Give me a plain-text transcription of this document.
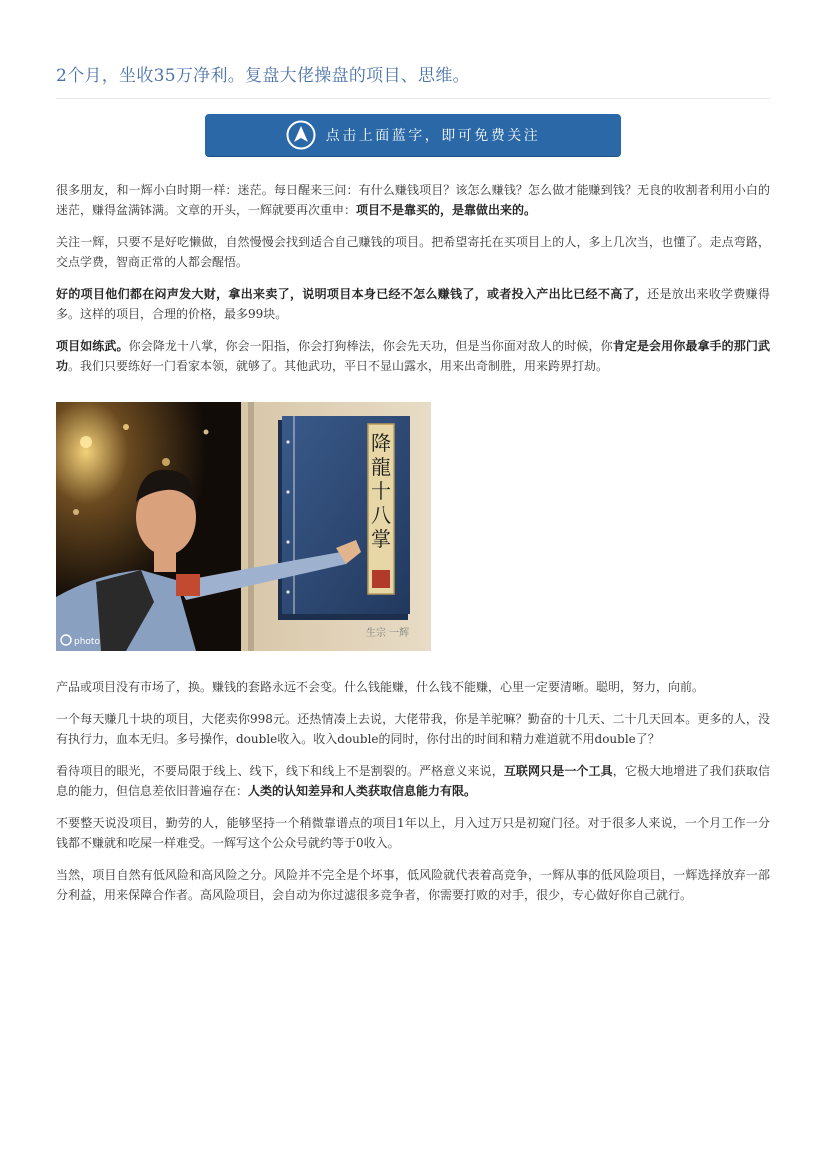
2个月，坐收35万净利。复盘大佬操盘的项目、思维。
点击上面蓝字，即可免费关注

很多朋友，和一辉小白时期一样：迷茫。每日醒来三问：有什么赚钱项目？该怎么赚钱？怎么做才能赚到钱？无良的收割者利用小白的迷茫，赚得盆满钵满。文章的开头，一辉就要再次重申：项目不是靠买的，是靠做出来的。

关注一辉，只要不是好吃懒做，自然慢慢会找到适合自己赚钱的项目。把希望寄托在买项目上的人，多上几次当，也懂了。走点弯路，交点学费，智商正常的人都会醒悟。

好的项目他们都在闷声发大财，拿出来卖了，说明项目本身已经不怎么赚钱了，或者投入产出比已经不高了，还是放出来收学费赚得多。这样的项目，合理的价格，最多99块。

项目如练武。你会降龙十八掌，你会一阳指，你会打狗棒法，你会先天功，但是当你面对敌人的时候，你肯定是会用你最拿手的那门武功。我们只要练好一门看家本领，就够了。其他武功，平日不显山露水，用来出奇制胜，用来跨界打劫。

降龍十八掌
photo
生宗 一辉

产品或项目没有市场了，换。赚钱的套路永远不会变。什么钱能赚，什么钱不能赚，心里一定要清晰。聪明，努力，向前。

一个每天赚几十块的项目，大佬卖你998元。还热情凑上去说，大佬带我，你是羊驼嘛？勤奋的十几天、二十几天回本。更多的人，没有执行力，血本无归。多号操作，double收入。收入double的同时，你付出的时间和精力难道就不用double了？

看待项目的眼光，不要局限于线上、线下，线下和线上不是割裂的。严格意义来说，互联网只是一个工具，它极大地增进了我们获取信息的能力，但信息差依旧普遍存在：人类的认知差异和人类获取信息能力有限。

不要整天说没项目，勤劳的人，能够坚持一个稍微靠谱点的项目1年以上，月入过万只是初窥门径。对于很多人来说，一个月工作一分钱都不赚就和吃屎一样难受。一辉写这个公众号就约等于0收入。

当然，项目自然有低风险和高风险之分。风险并不完全是个坏事，低风险就代表着高竞争，一辉从事的低风险项目，一辉选择放弃一部分利益，用来保障合作者。高风险项目，会自动为你过滤很多竞争者，你需要打败的对手，很少，专心做好你自己就行。
